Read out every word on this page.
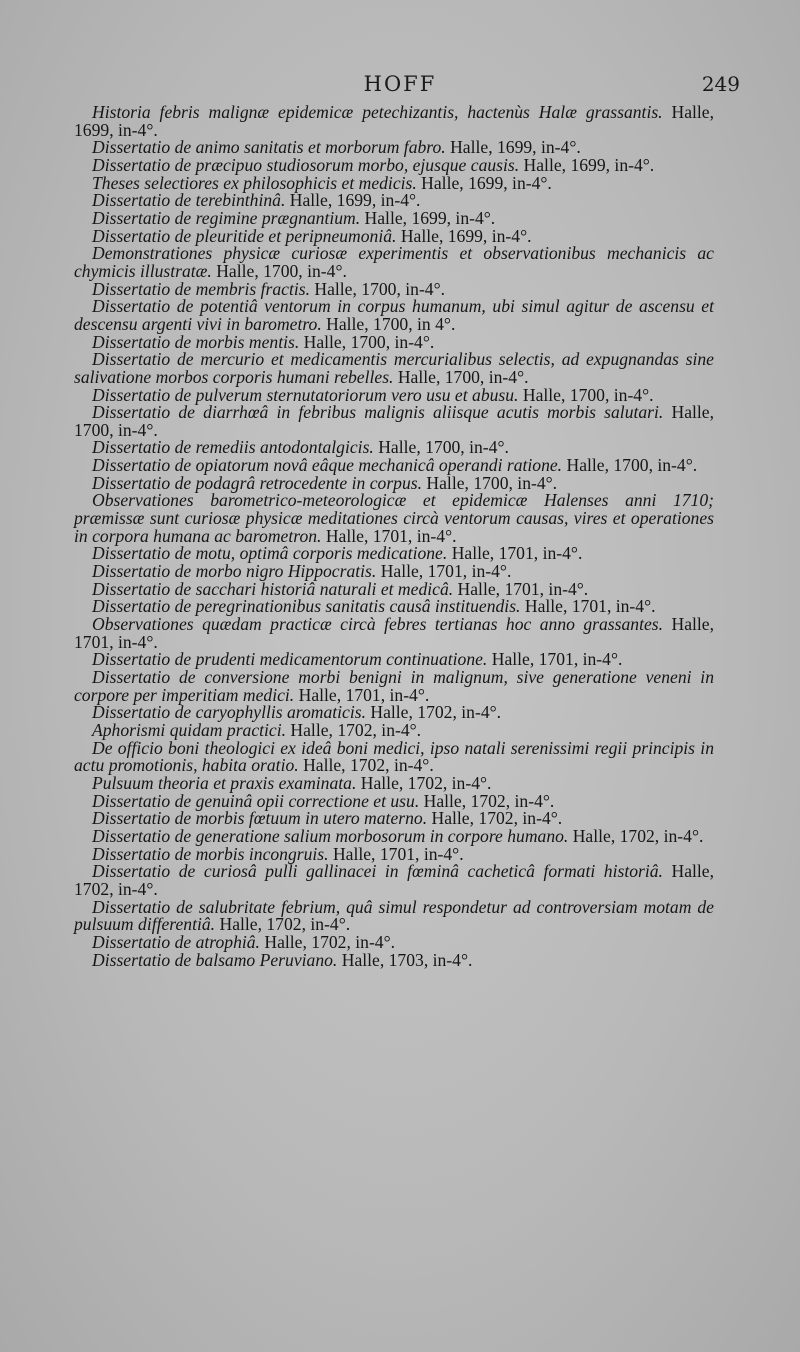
HOFF	249

Historia febris malignæ epidemicæ petechizantis, hactenùs Halæ grassantis. Halle, 1699, in-4°.

Dissertatio de animo sanitatis et morborum fabro. Halle, 1699, in-4°.

Dissertatio de præcipuo studiosorum morbo, ejusque causis. Halle, 1699, in-4°.

Theses selectiores ex philosophicis et medicis. Halle, 1699, in-4°.

Dissertatio de terebinthinâ. Halle, 1699, in-4°.

Dissertatio de regimine prægnantium. Halle, 1699, in-4°.

Dissertatio de pleuritide et peripneumoniâ. Halle, 1699, in-4°.

Demonstrationes physicæ curiosæ experimentis et observationibus mechanicis ac chymicis illustratæ. Halle, 1700, in-4°.

Dissertatio de membris fractis. Halle, 1700, in-4°.

Dissertatio de potentiâ ventorum in corpus humanum, ubi simul agitur de ascensu et descensu argenti vivi in barometro. Halle, 1700, in 4°.

Dissertatio de morbis mentis. Halle, 1700, in-4°.

Dissertatio de mercurio et medicamentis mercurialibus selectis, ad expugnandas sine salivatione morbos corporis humani rebelles. Halle, 1700, in-4°.

Dissertatio de pulverum sternutatoriorum vero usu et abusu. Halle, 1700, in-4°.

Dissertatio de diarrhœâ in febribus malignis aliisque acutis morbis salutari. Halle, 1700, in-4°.

Dissertatio de remediis antodontalgicis. Halle, 1700, in-4°.

Dissertatio de opiatorum novâ eâque mechanicâ operandi ratione. Halle, 1700, in-4°.

Dissertatio de podagrâ retrocedente in corpus. Halle, 1700, in-4°.

Observationes barometrico-meteorologicæ et epidemicæ Halenses anni 1710; præmissæ sunt curiosæ physicæ meditationes circà ventorum causas, vires et operationes in corpora humana ac barometron. Halle, 1701, in-4°.

Dissertatio de motu, optimâ corporis medicatione. Halle, 1701, in-4°.

Dissertatio de morbo nigro Hippocratis. Halle, 1701, in-4°.

Dissertatio de sacchari historiâ naturali et medicâ. Halle, 1701, in-4°.

Dissertatio de peregrinationibus sanitatis causâ instituendis. Halle, 1701, in-4°.

Observationes quædam practicæ circà febres tertianas hoc anno grassantes. Halle, 1701, in-4°.

Dissertatio de prudenti medicamentorum continuatione. Halle, 1701, in-4°.

Dissertatio de conversione morbi benigni in malignum, sive generatione veneni in corpore per imperitiam medici. Halle, 1701, in-4°.

Dissertatio de caryophyllis aromaticis. Halle, 1702, in-4°.

Aphorismi quidam practici. Halle, 1702, in-4°.

De officio boni theologici ex ideâ boni medici, ipso natali serenissimi regii principis in actu promotionis, habita oratio. Halle, 1702, in-4°.

Pulsuum theoria et praxis examinata. Halle, 1702, in-4°.

Dissertatio de genuinâ opii correctione et usu. Halle, 1702, in-4°.

Dissertatio de morbis fœtuum in utero materno. Halle, 1702, in-4°.

Dissertatio de generatione salium morbosorum in corpore humano. Halle, 1702, in-4°.

Dissertatio de morbis incongruis. Halle, 1701, in-4°.

Dissertatio de curiosâ pulli gallinacei in fœminâ cacheticâ formati historiâ. Halle, 1702, in-4°.

Dissertatio de salubritate febrium, quâ simul respondetur ad controversiam motam de pulsuum differentiâ. Halle, 1702, in-4°.

Dissertatio de atrophiâ. Halle, 1702, in-4°.

Dissertatio de balsamo Peruviano. Halle, 1703, in-4°.
